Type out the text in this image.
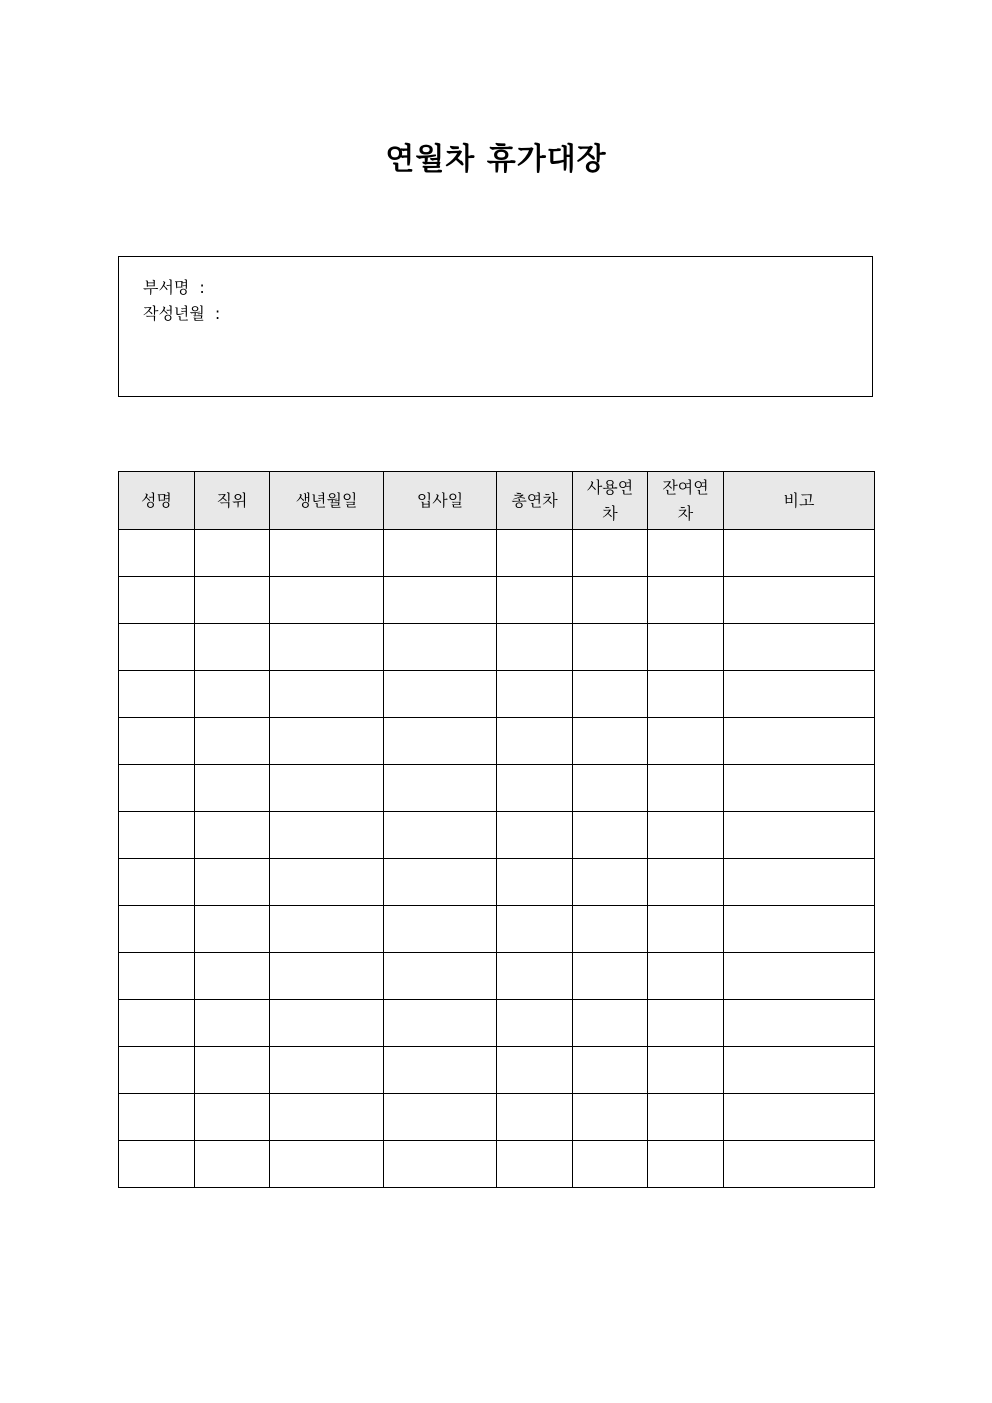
연월차 휴가대장
부서명 :
작성년월 :
성명	직위	생년월일	입사일	총연차	사용연차	잔여연차	비고
